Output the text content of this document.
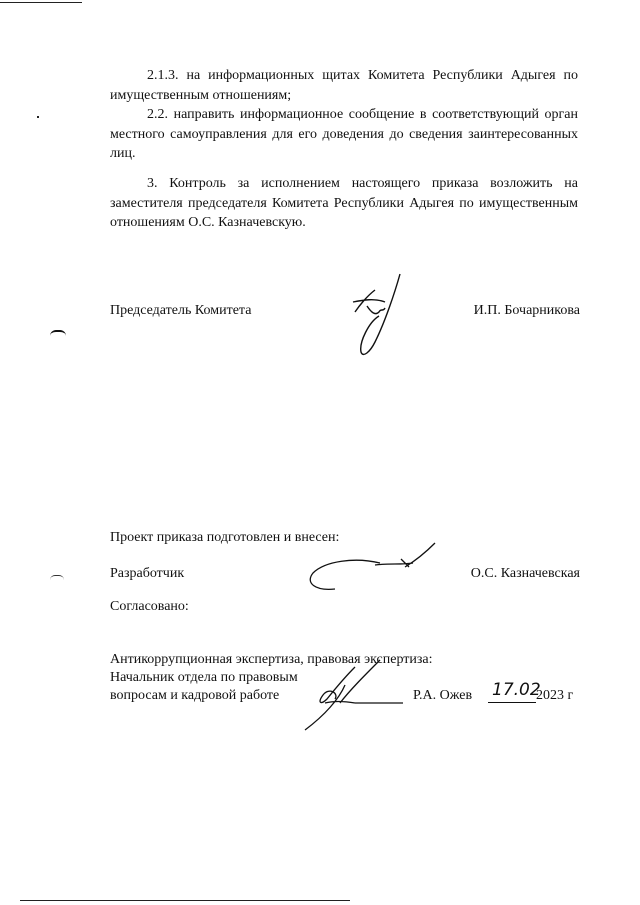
2.1.3. на информационных щитах Комитета Республики Адыгея по имущественным отношениям;
2.2. направить информационное сообщение в соответствующий орган местного самоуправления для его доведения до сведения заинтересованных лиц.
3. Контроль за исполнением настоящего приказа возложить на заместителя председателя Комитета Республики Адыгея по имущественным отношениям О.С. Казначевскую.
Председатель Комитета	И.П. Бочарникова
Проект приказа подготовлен и внесен:
Разработчик	О.С. Казначевская
Согласовано:
Антикоррупционная экспертиза, правовая экспертиза:
Начальник отдела по правовым
вопросам и кадровой работе	Р.А. Ожев 17.02
2023 г
